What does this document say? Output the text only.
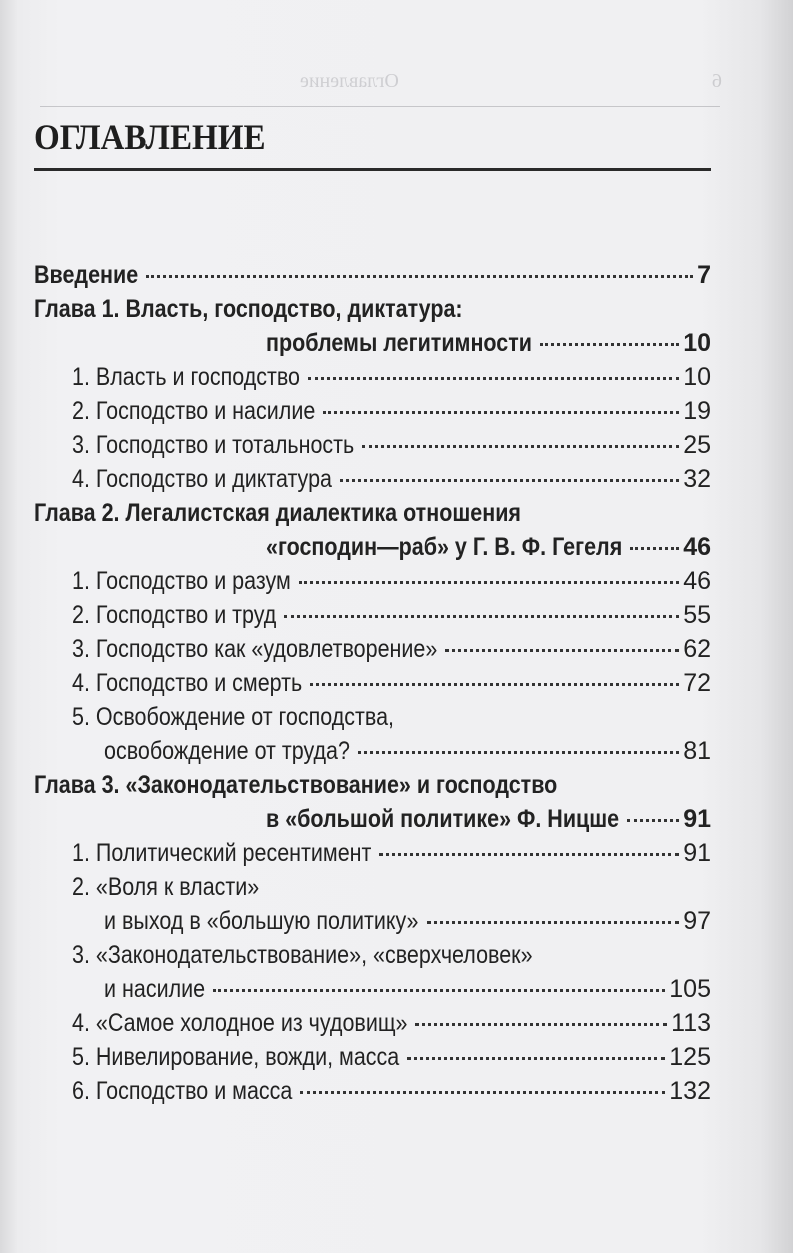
Оглавление	6
ОГЛАВЛЕНИЕ
Введение	7
Глава 1. Власть, господство, диктатура:
проблемы легитимности	10
1. Власть и господство	10
2. Господство и насилие	19
3. Господство и тотальность	25
4. Господство и диктатура	32
Глава 2. Легалистская диалектика отношения
«господин—раб» у Г. В. Ф. Гегеля 46
1. Господство и разум	46
2. Господство и труд	55
3. Господство как «удовлетворение»	62
4. Господство и смерть	72
5. Освобождение от господства,
освобождение от труда?	81
Глава 3. «Законодательствование» и господство
в «большой политике» Ф. Ницше	91
1. Политический ресентимент	91
2. «Воля к власти»
и выход в «большую политику»	97
3. «Законодательствование», «сверхчеловек»
и насилие	105
4. «Самое холодное из чудовищ»	113
5. Нивелирование, вожди, масса	125
6. Господство и масса	132
